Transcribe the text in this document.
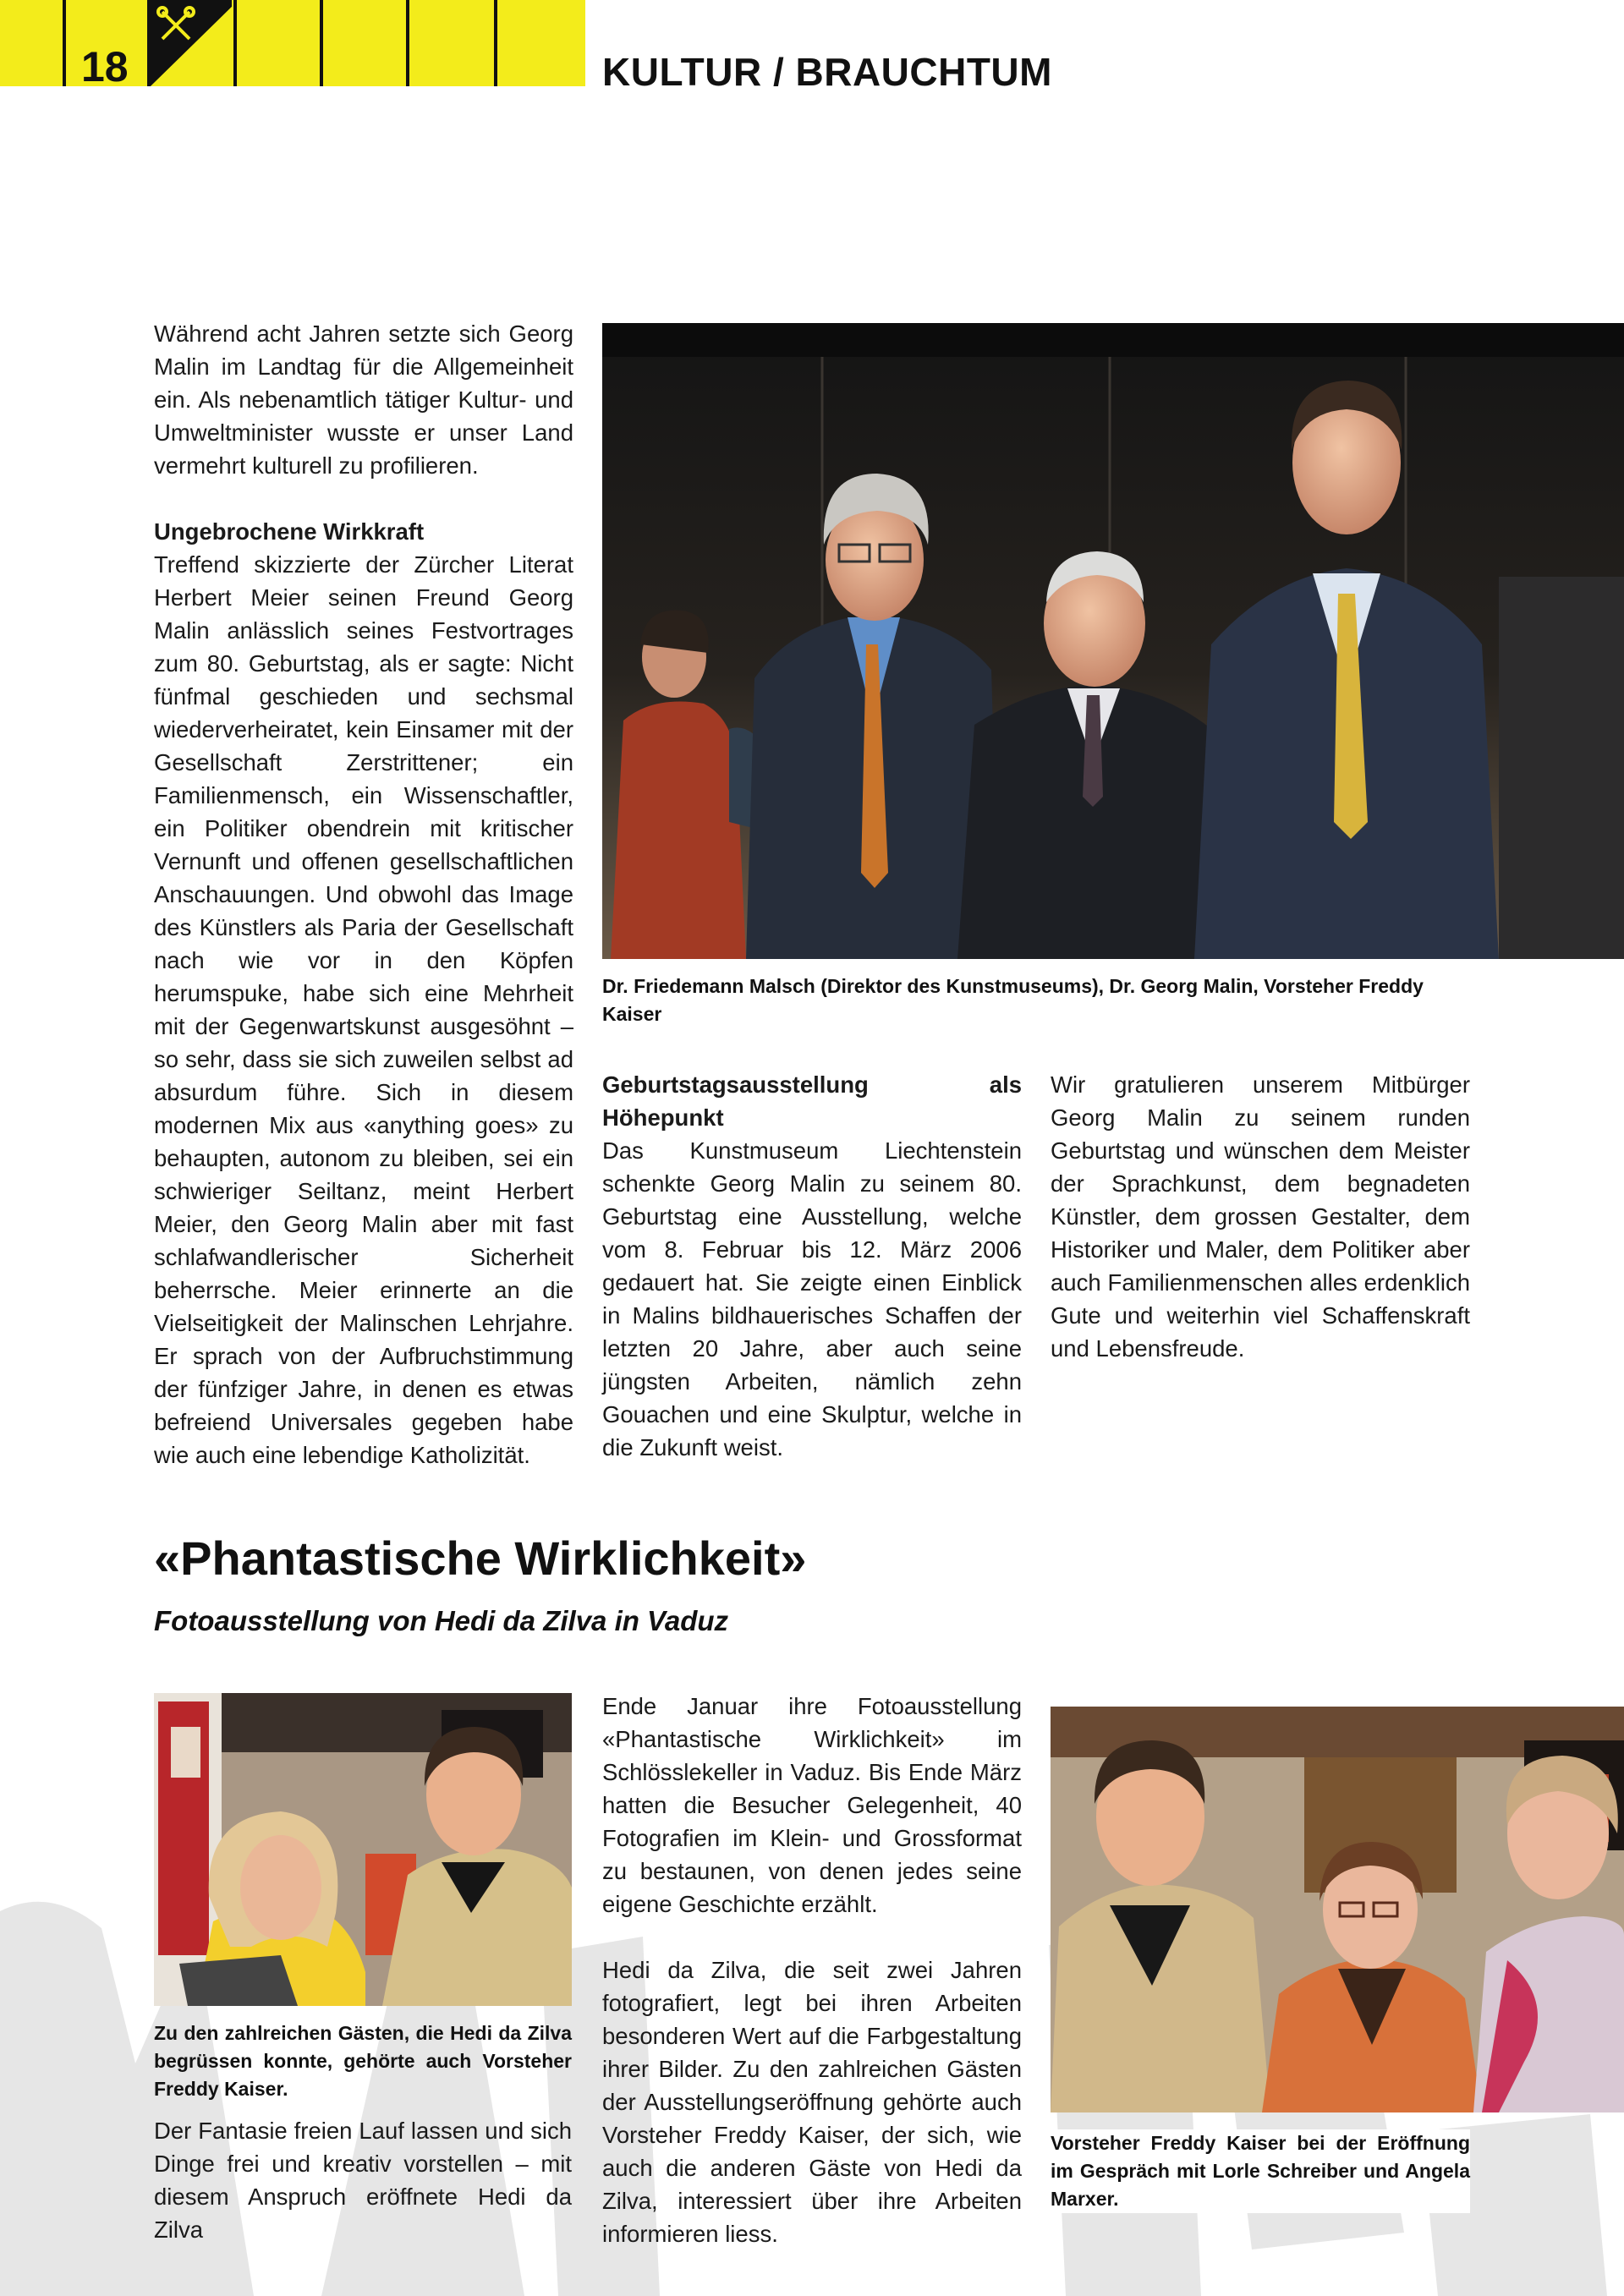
18	KULTUR / BRAUCHTUM

Während acht Jahren setzte sich Georg Malin im Landtag für die Allgemeinheit ein. Als nebenamtlich tätiger Kultur- und Umweltminister wusste er unser Land vermehrt kulturell zu profilieren.

Ungebrochene Wirkkraft

Treffend skizzierte der Zürcher Literat Herbert Meier seinen Freund Georg Malin anlässlich seines Festvortrages zum 80. Geburtstag, als er sagte: Nicht fünfmal geschieden und sechsmal wiederverheiratet, kein Einsamer mit der Gesellschaft Zerstrittener; ein Familienmensch, ein Wissenschaftler, ein Politiker obendrein mit kritischer Vernunft und offenen gesellschaftlichen Anschauungen. Und obwohl das Image des Künstlers als Paria der Gesellschaft nach wie vor in den Köpfen herumspuke, habe sich eine Mehrheit mit der Gegenwartskunst ausgesöhnt – so sehr, dass sie sich zuweilen selbst ad absurdum führe. Sich in diesem modernen Mix aus «anything goes» zu behaupten, autonom zu bleiben, sei ein schwieriger Seiltanz, meint Herbert Meier, den Georg Malin aber mit fast schlafwandlerischer Sicherheit beherrsche. Meier erinnerte an die Vielseitigkeit der Malinschen Lehrjahre. Er sprach von der Aufbruchstimmung der fünfziger Jahre, in denen es etwas befreiend Universales gegeben habe wie auch eine lebendige Katholizität.

Dr. Friedemann Malsch (Direktor des Kunstmuseums), Dr. Georg Malin, Vorsteher Freddy Kaiser

Geburtstagsausstellung als Höhepunkt

Das Kunstmuseum Liechtenstein schenkte Georg Malin zu seinem 80. Geburtstag eine Ausstellung, welche vom 8. Februar bis 12. März 2006 gedauert hat. Sie zeigte einen Einblick in Malins bildhauerisches Schaffen der letzten 20 Jahre, aber auch seine jüngsten Arbeiten, nämlich zehn Gouachen und eine Skulptur, welche in die Zukunft weist.

Wir gratulieren unserem Mitbürger Georg Malin zu seinem runden Geburtstag und wünschen dem Meister der Sprachkunst, dem begnadeten Künstler, dem grossen Gestalter, dem Historiker und Maler, dem Politiker aber auch Familienmenschen alles erdenklich Gute und weiterhin viel Schaffenskraft und Lebensfreude.

«Phantastische Wirklichkeit»
Fotoausstellung von Hedi da Zilva in Vaduz
Zu den zahlreichen Gästen, die Hedi da Zilva begrüssen konnte, gehörte auch Vorsteher Freddy Kaiser.

Der Fantasie freien Lauf lassen und sich Dinge frei und kreativ vorstellen – mit diesem Anspruch eröffnete Hedi da Zilva

Ende Januar ihre Fotoausstellung «Phantastische Wirklichkeit» im Schlösslekeller in Vaduz. Bis Ende März hatten die Besucher Gelegenheit, 40 Fotografien im Klein- und Grossformat zu bestaunen, von denen jedes seine eigene Geschichte erzählt.

Hedi da Zilva, die seit zwei Jahren fotografiert, legt bei ihren Arbeiten besonderen Wert auf die Farbgestaltung ihrer Bilder. Zu den zahlreichen Gästen der Ausstellungseröffnung gehörte auch Vorsteher Freddy Kaiser, der sich, wie auch die anderen Gäste von Hedi da Zilva, interessiert über ihre Arbeiten informieren liess.

Vorsteher Freddy Kaiser bei der Eröffnung im Gespräch mit Lorle Schreiber und Angela Marxer.
